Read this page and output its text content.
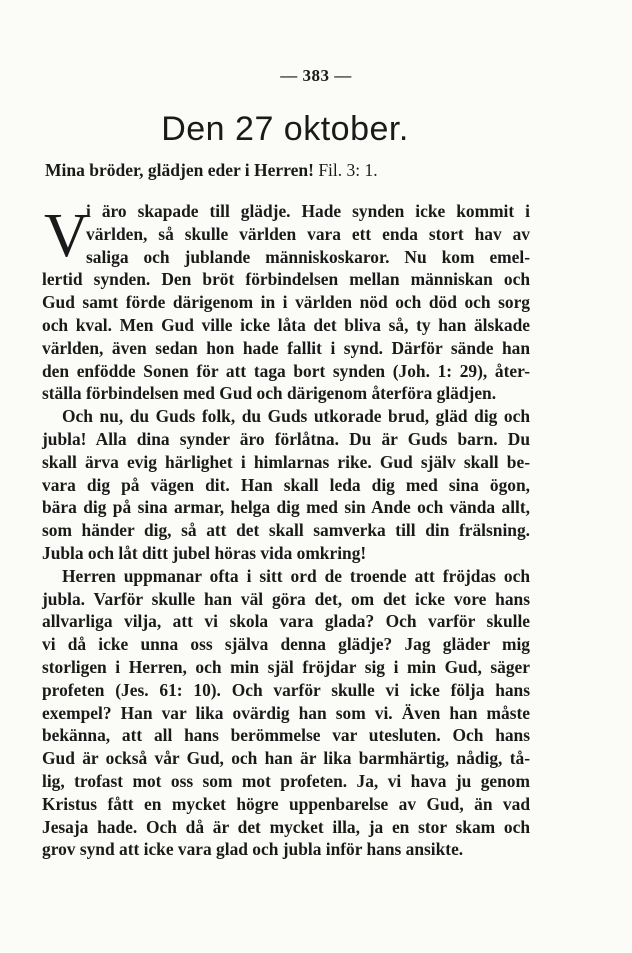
— 383 —
Den 27 oktober.
Mina bröder, glädjen eder i Herren! Fil. 3: 1.
V
i äro skapade till glädje. Hade synden icke kommit i
världen, så skulle världen vara ett enda stort hav av
saliga och jublande människoskaror. Nu kom emel-
lertid synden. Den bröt förbindelsen mellan människan och
Gud samt förde därigenom in i världen nöd och död och sorg
och kval. Men Gud ville icke låta det bliva så, ty han älskade
världen, även sedan hon hade fallit i synd. Därför sände han
den enfödde Sonen för att taga bort synden (Joh. 1: 29), åter-
ställa förbindelsen med Gud och därigenom återföra glädjen.
Och nu, du Guds folk, du Guds utkorade brud, gläd dig och
jubla! Alla dina synder äro förlåtna. Du är Guds barn. Du
skall ärva evig härlighet i himlarnas rike. Gud själv skall be-
vara dig på vägen dit. Han skall leda dig med sina ögon,
bära dig på sina armar, helga dig med sin Ande och vända allt,
som händer dig, så att det skall samverka till din frälsning.
Jubla och låt ditt jubel höras vida omkring!
Herren uppmanar ofta i sitt ord de troende att fröjdas och
jubla. Varför skulle han väl göra det, om det icke vore hans
allvarliga vilja, att vi skola vara glada? Och varför skulle
vi då icke unna oss själva denna glädje? Jag gläder mig
storligen i Herren, och min själ fröjdar sig i min Gud, säger
profeten (Jes. 61: 10). Och varför skulle vi icke följa hans
exempel? Han var lika ovärdig han som vi. Även han måste
bekänna, att all hans berömmelse var utesluten. Och hans
Gud är också vår Gud, och han är lika barmhärtig, nådig, tå-
lig, trofast mot oss som mot profeten. Ja, vi hava ju genom
Kristus fått en mycket högre uppenbarelse av Gud, än vad
Jesaja hade. Och då är det mycket illa, ja en stor skam och
grov synd att icke vara glad och jubla inför hans ansikte.
